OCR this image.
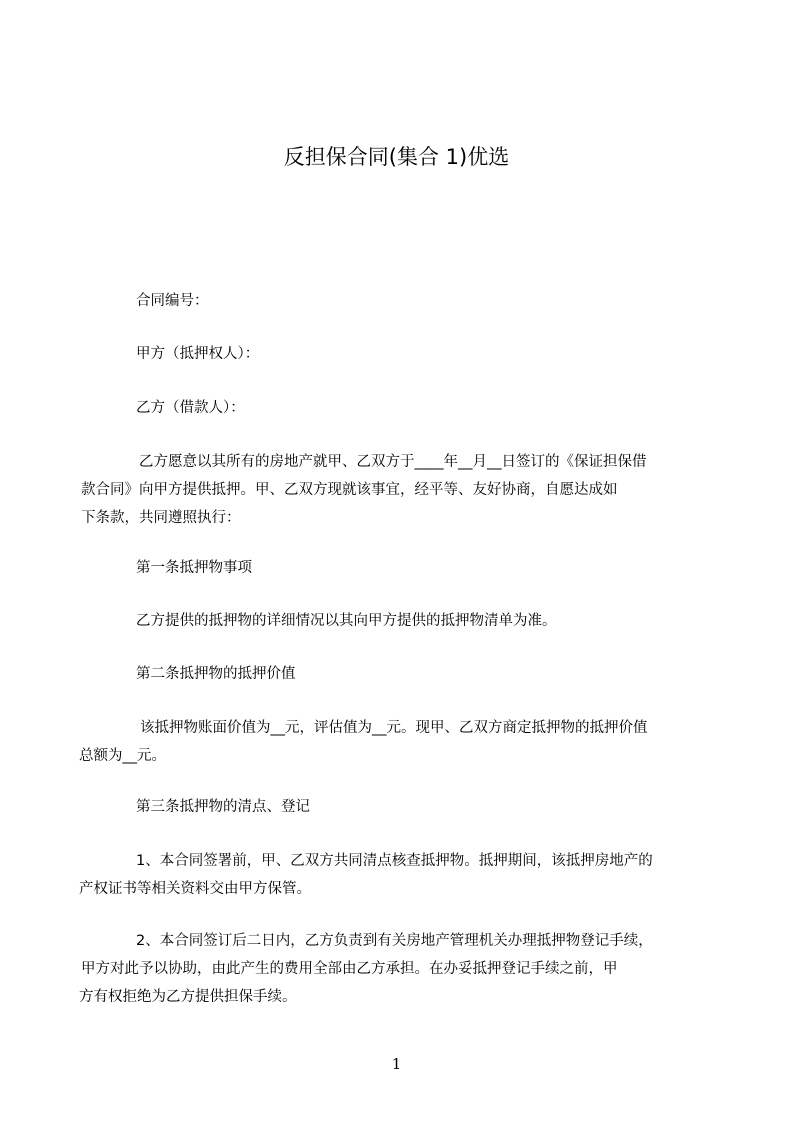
反担保合同(集合 1)优选
合同编号：
甲方（抵押权人）：
乙方（借款人）：
乙方愿意以其所有的房地产就甲、乙双方于____年__月__日签订的《保证担保借
款合同》向甲方提供抵押。甲、乙双方现就该事宜，经平等、友好协商，自愿达成如
下条款，共同遵照执行：
第一条抵押物事项
乙方提供的抵押物的详细情况以其向甲方提供的抵押物清单为准。
第二条抵押物的抵押价值
该抵押物账面价值为__元，评估值为__元。现甲、乙双方商定抵押物的抵押价值
总额为__元。
第三条抵押物的清点、登记
1、本合同签署前，甲、乙双方共同清点核查抵押物。抵押期间，该抵押房地产的
产权证书等相关资料交由甲方保管。
2、本合同签订后二日内，乙方负责到有关房地产管理机关办理抵押物登记手续，
甲方对此予以协助，由此产生的费用全部由乙方承担。在办妥抵押登记手续之前，甲
方有权拒绝为乙方提供担保手续。
1
